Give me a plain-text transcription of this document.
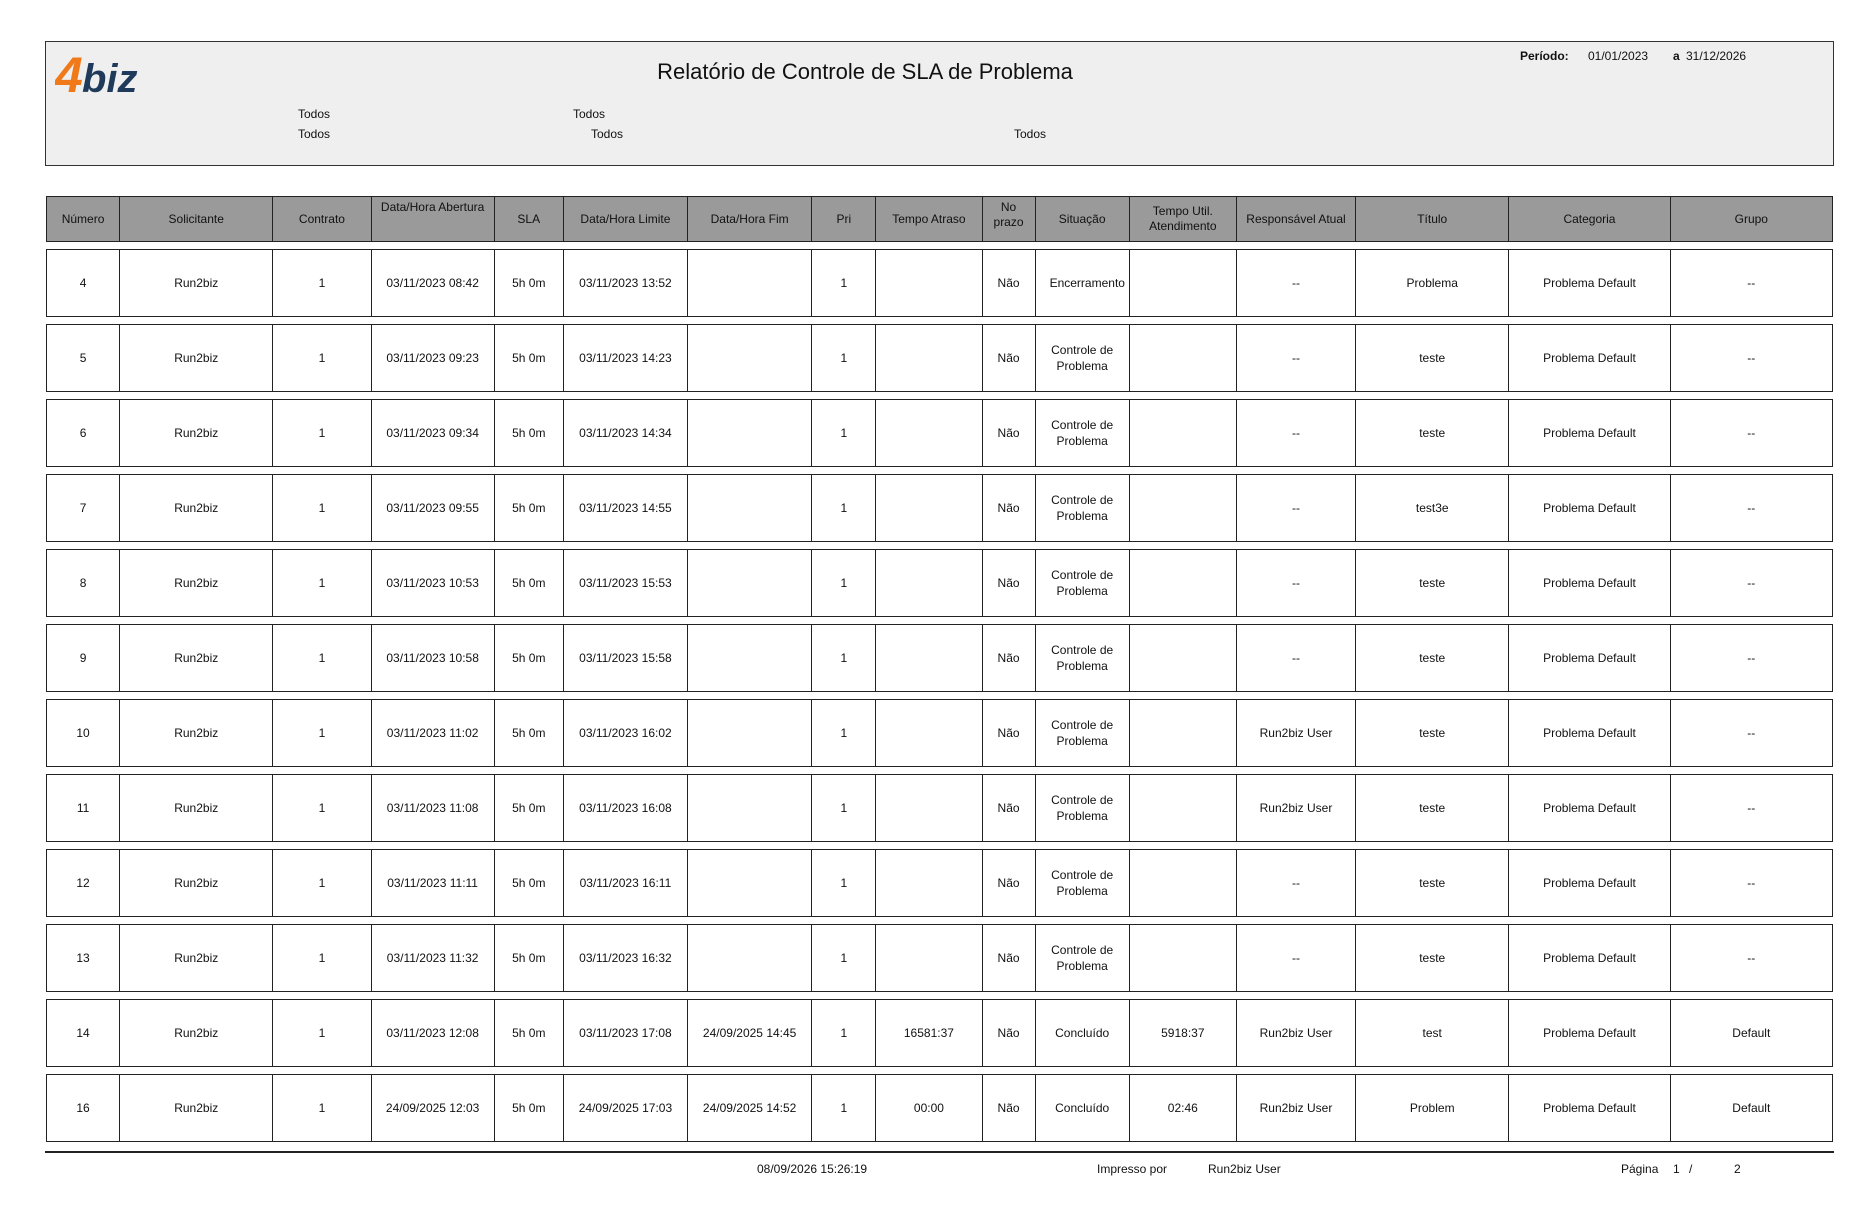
4 biz	Relatório de Controle de SLA de Problema
Período: 01/01/2023 a 31/12/2026
Todos	Todos
Todos	Todos	Todos
Número	Solicitante	Contrato	Data/Hora Abertura	SLA	Data/Hora Limite	Data/Hora Fim	Pri	Tempo Atraso	No prazo	Situação	Tempo Util. Atendimento	Responsável Atual	Título	Categoria	Grupo
4	Run2biz	1	03/11/2023 08:42	5h 0m	03/11/2023 13:52		1		Não	Encerramento		--	Problema	Problema Default	--
5	Run2biz	1	03/11/2023 09:23	5h 0m	03/11/2023 14:23		1		Não	Controle de Problema		--	teste	Problema Default	--
6	Run2biz	1	03/11/2023 09:34	5h 0m	03/11/2023 14:34		1		Não	Controle de Problema		--	teste	Problema Default	--
7	Run2biz	1	03/11/2023 09:55	5h 0m	03/11/2023 14:55		1		Não	Controle de Problema		--	test3e	Problema Default	--
8	Run2biz	1	03/11/2023 10:53	5h 0m	03/11/2023 15:53		1		Não	Controle de Problema		--	teste	Problema Default	--
9	Run2biz	1	03/11/2023 10:58	5h 0m	03/11/2023 15:58		1		Não	Controle de Problema		--	teste	Problema Default	--
10	Run2biz	1	03/11/2023 11:02	5h 0m	03/11/2023 16:02		1		Não	Controle de Problema		Run2biz User	teste	Problema Default	--
11	Run2biz	1	03/11/2023 11:08	5h 0m	03/11/2023 16:08		1		Não	Controle de Problema		Run2biz User	teste	Problema Default	--
12	Run2biz	1	03/11/2023 11:11	5h 0m	03/11/2023 16:11		1		Não	Controle de Problema		--	teste	Problema Default	--
13	Run2biz	1	03/11/2023 11:32	5h 0m	03/11/2023 16:32		1		Não	Controle de Problema		--	teste	Problema Default	--
14	Run2biz	1	03/11/2023 12:08	5h 0m	03/11/2023 17:08	24/09/2025 14:45	1	16581:37	Não	Concluído	5918:37	Run2biz User	test	Problema Default	Default
16	Run2biz	1	24/09/2025 12:03	5h 0m	24/09/2025 17:03	24/09/2025 14:52	1	00:00	Não	Concluído	02:46	Run2biz User	Problem	Problema Default	Default
08/09/2026 15:26:19	Impresso por	Run2biz User	Página 1 /	2
